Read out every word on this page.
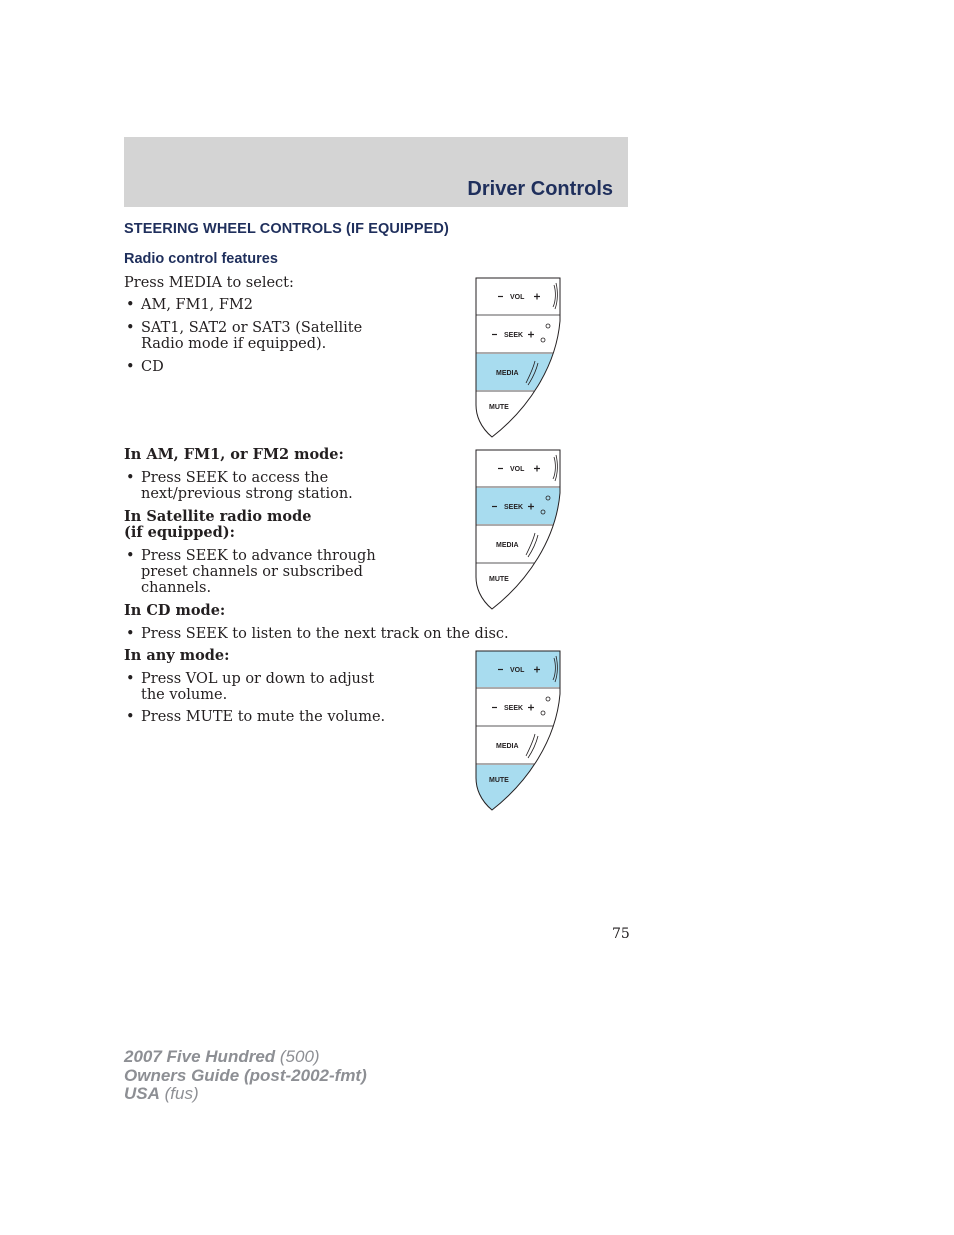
Driver Controls
STEERING WHEEL CONTROLS (IF EQUIPPED)
Radio control features
Press MEDIA to select:
• AM, FM1, FM2
• SAT1, SAT2 or SAT3 (Satellite
Radio mode if equipped).
• CD
In AM, FM1, or FM2 mode:
• Press SEEK to access the
next/previous strong station.
In Satellite radio mode
(if equipped):
• Press SEEK to advance through
preset channels or subscribed
channels.
In CD mode:
• Press SEEK to listen to the next track on the disc.
In any mode:
• Press VOL up or down to adjust
the volume.
• Press MUTE to mute the volume.
VOL
SEEK
MEDIA
MUTE
VOL
SEEK
MEDIA
MUTE
VOL
SEEK
MEDIA
MUTE
75
2007 Five Hundred (500)
Owners Guide (post-2002-fmt)
USA (fus)
